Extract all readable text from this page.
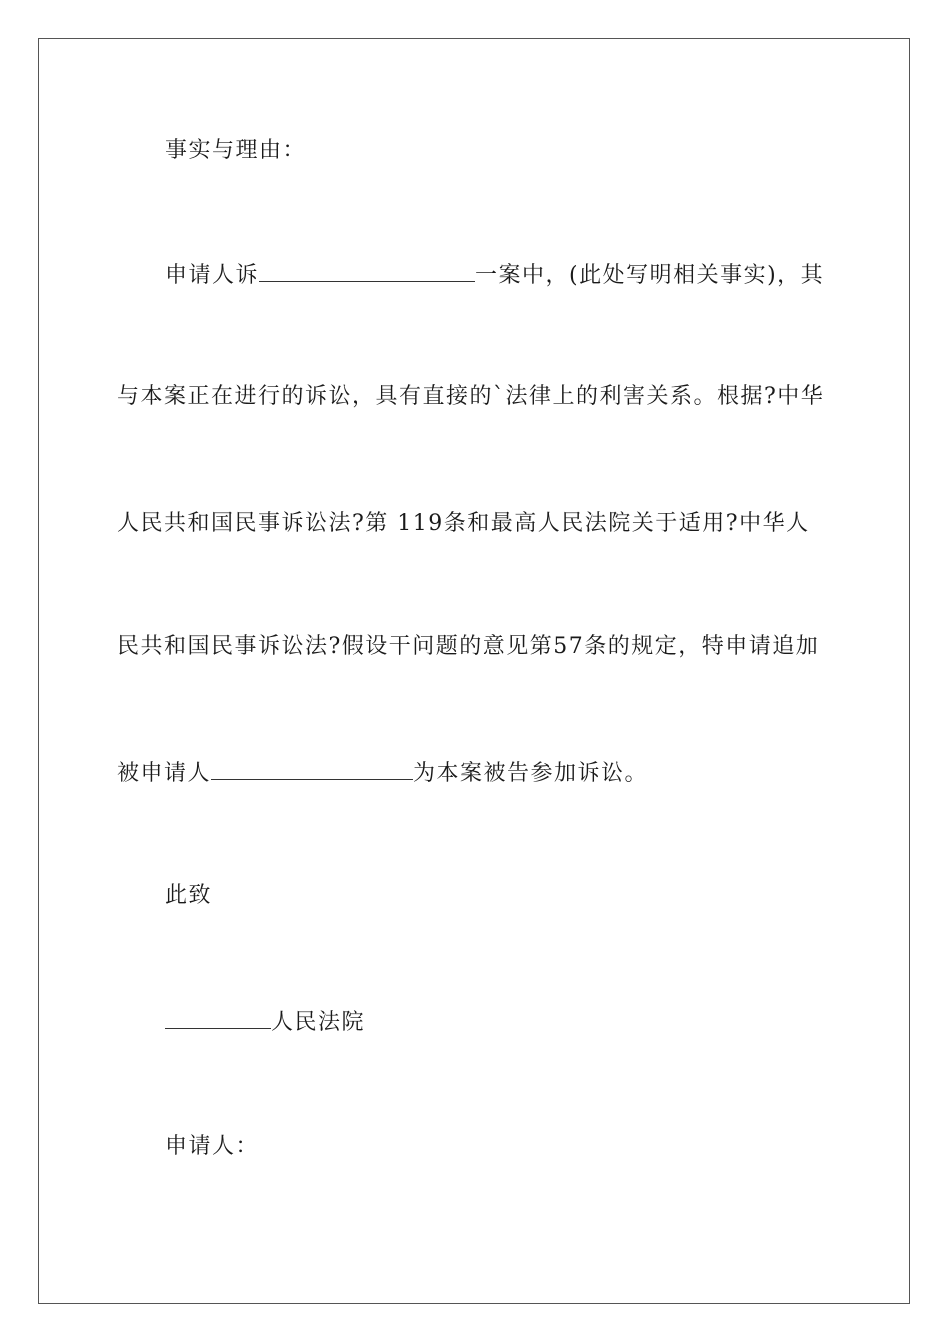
事实与理由：
申请人诉	一案中，(此处写明相关事实)，其
与本案正在进行的诉讼，具有直接的`法律上的利害关系。根据?中华
人民共和国民事诉讼法?第 119条和最高人民法院关于适用?中华人
民共和国民事诉讼法?假设干问题的意见第57条的规定，特申请追加
被申请人	为本案被告参加诉讼。
此致
人民法院
申请人：
